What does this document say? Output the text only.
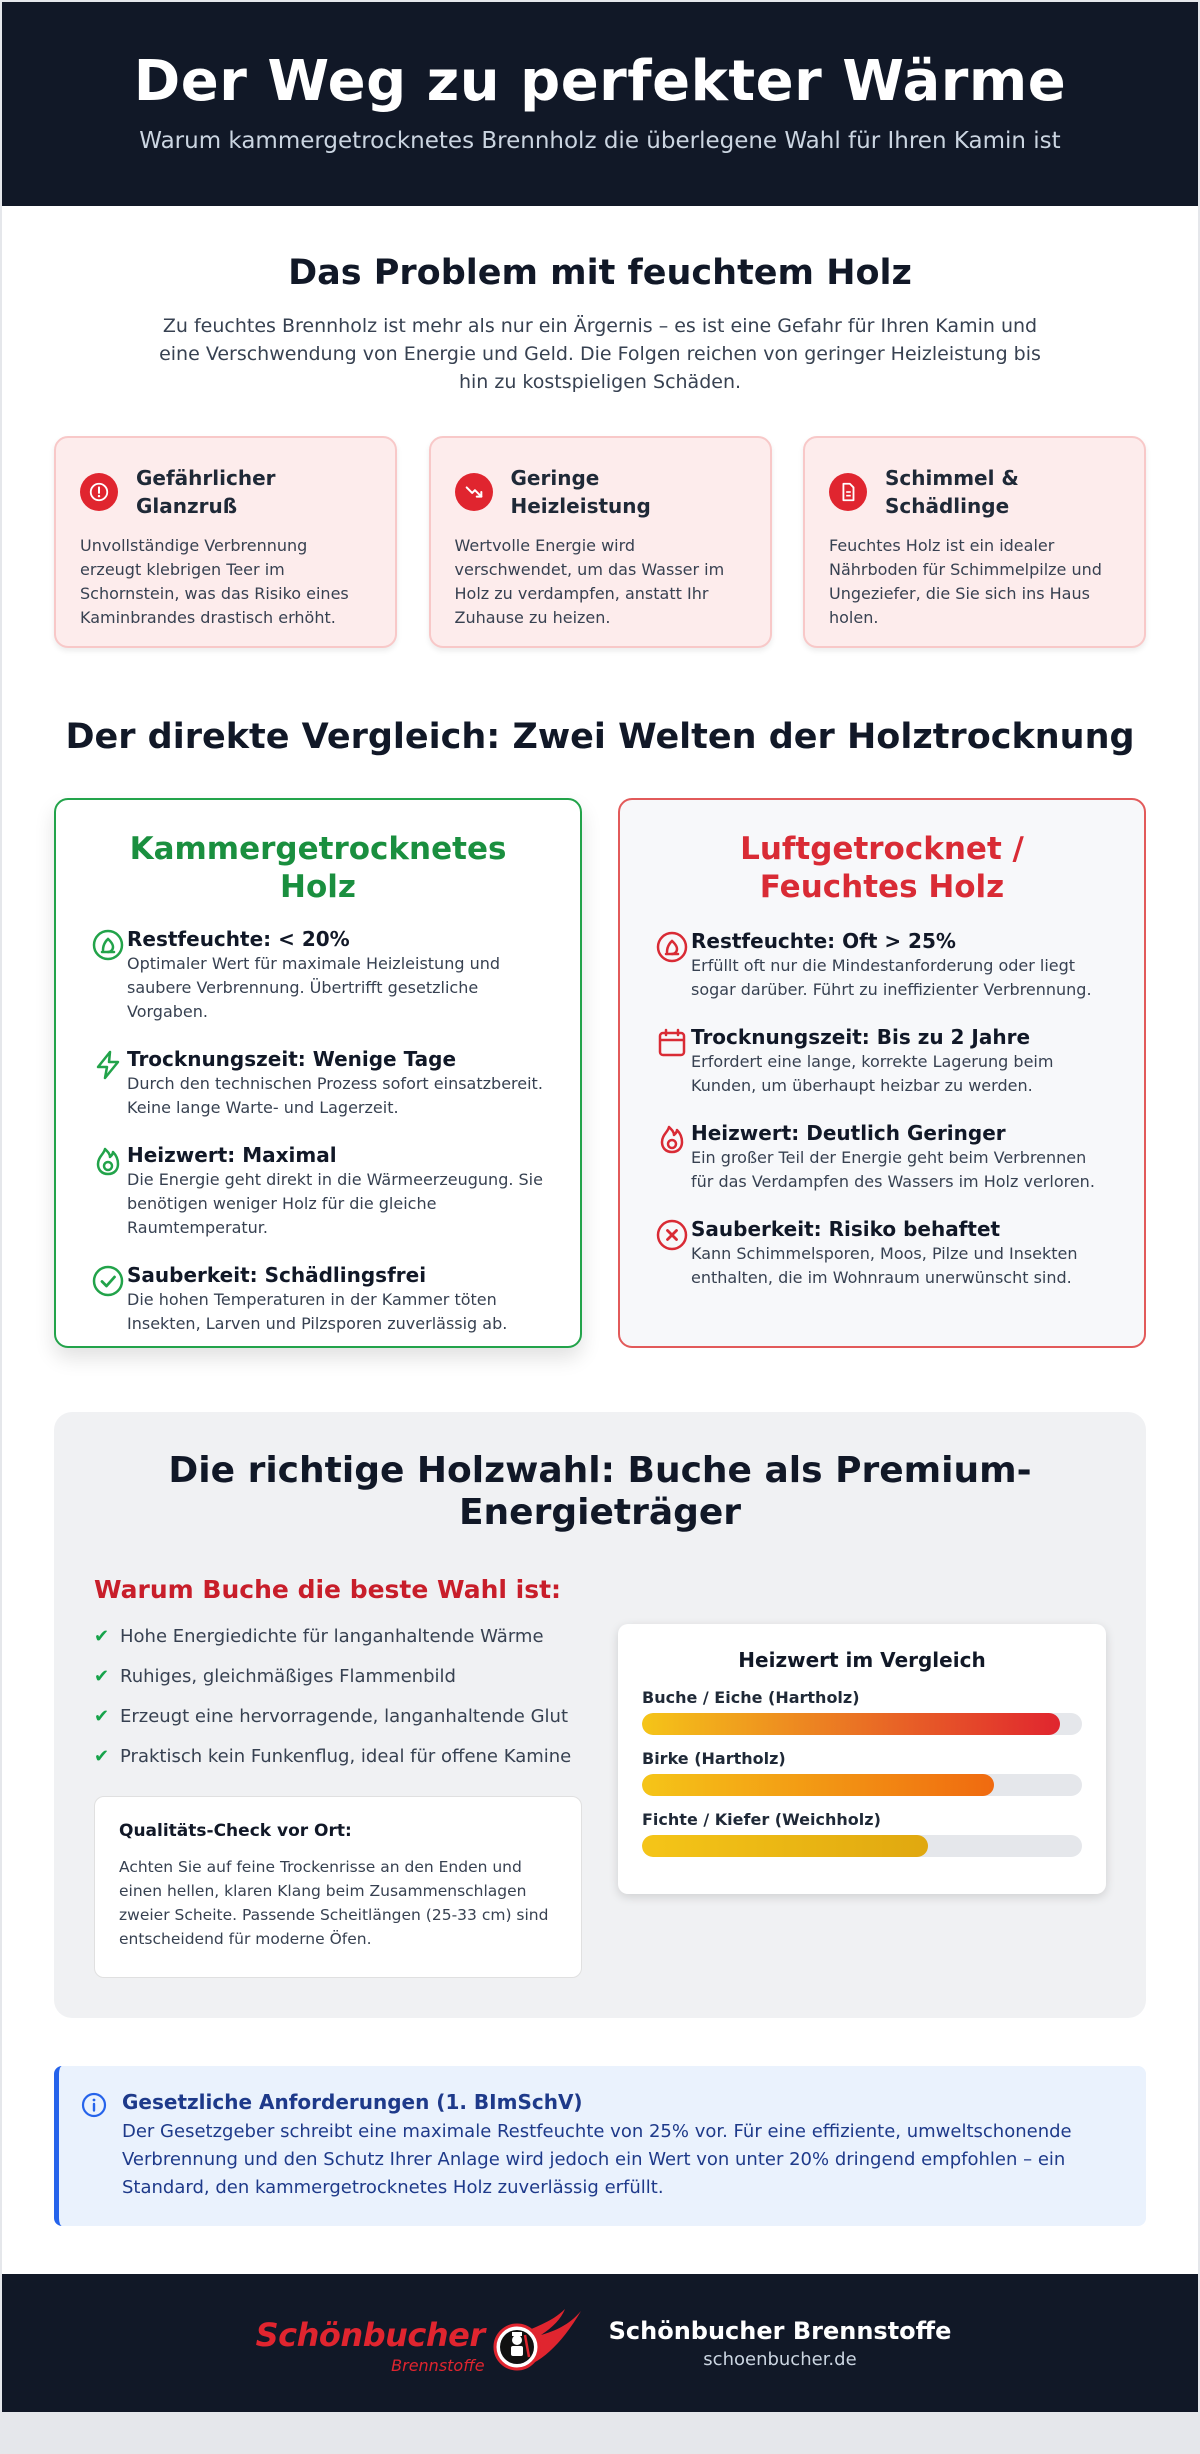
Der Weg zu perfekter Wärme

Warum kammergetrocknetes Brennholz die überlegene Wahl für Ihren Kamin ist

Das Problem mit feuchtem Holz

Zu feuchtes Brennholz ist mehr als nur ein Ärgernis – es ist eine Gefahr für Ihren Kamin und eine Verschwendung von Energie und Geld. Die Folgen reichen von geringer Heizleistung bis hin zu kostspieligen Schäden.

Gefährlicher Glanzruß

Unvollständige Verbrennung erzeugt klebrigen Teer im Schornstein, was das Risiko eines Kaminbrandes drastisch erhöht.

Geringe Heizleistung

Wertvolle Energie wird verschwendet, um das Wasser im Holz zu verdampfen, anstatt Ihr Zuhause zu heizen.

Schimmel & Schädlinge

Feuchtes Holz ist ein idealer Nährboden für Schimmelpilze und Ungeziefer, die Sie sich ins Haus holen.

Der direkte Vergleich: Zwei Welten der Holztrocknung
Kammergetrocknetes Holz
Restfeuchte: < 20%
Optimaler Wert für maximale Heizleistung und saubere Verbrennung. Übertrifft gesetzliche Vorgaben.
Trocknungszeit: Wenige Tage
Durch den technischen Prozess sofort einsatzbereit. Keine lange Warte- und Lagerzeit.
Heizwert: Maximal
Die Energie geht direkt in die Wärmeerzeugung. Sie benötigen weniger Holz für die gleiche Raumtemperatur.
Sauberkeit: Schädlingsfrei
Die hohen Temperaturen in der Kammer töten Insekten, Larven und Pilzsporen zuverlässig ab.
Luftgetrocknet / Feuchtes Holz
Restfeuchte: Oft > 25%
Erfüllt oft nur die Mindestanforderung oder liegt sogar darüber. Führt zu ineffizienter Verbrennung.
Trocknungszeit: Bis zu 2 Jahre
Erfordert eine lange, korrekte Lagerung beim Kunden, um überhaupt heizbar zu werden.
Heizwert: Deutlich Geringer
Ein großer Teil der Energie geht beim Verbrennen für das Verdampfen des Wassers im Holz verloren.
Sauberkeit: Risiko behaftet
Kann Schimmelsporen, Moos, Pilze und Insekten enthalten, die im Wohnraum unerwünscht sind.
Die richtige Holzwahl: Buche als Premium-Energieträger
Warum Buche die beste Wahl ist:
✔ Hohe Energiedichte für langanhaltende Wärme
✔ Ruhiges, gleichmäßiges Flammenbild
✔ Erzeugt eine hervorragende, langanhaltende Glut
✔ Praktisch kein Funkenflug, ideal für offene Kamine
Qualitäts-Check vor Ort:

Achten Sie auf feine Trockenrisse an den Enden und einen hellen, klaren Klang beim Zusammenschlagen zweier Scheite. Passende Scheitlängen (25-33 cm) sind entscheidend für moderne Öfen.

Heizwert im Vergleich
Buche / Eiche (Hartholz)
Birke (Hartholz)
Fichte / Kiefer (Weichholz)
Gesetzliche Anforderungen (1. BImSchV)

Der Gesetzgeber schreibt eine maximale Restfeuchte von 25% vor. Für eine effiziente, umweltschonende Verbrennung und den Schutz Ihrer Anlage wird jedoch ein Wert von unter 20% dringend empfohlen – ein Standard, den kammergetrocknetes Holz zuverlässig erfüllt.

Schönbucher
Brennstoffe
Schönbucher Brennstoffe
schoenbucher.de
